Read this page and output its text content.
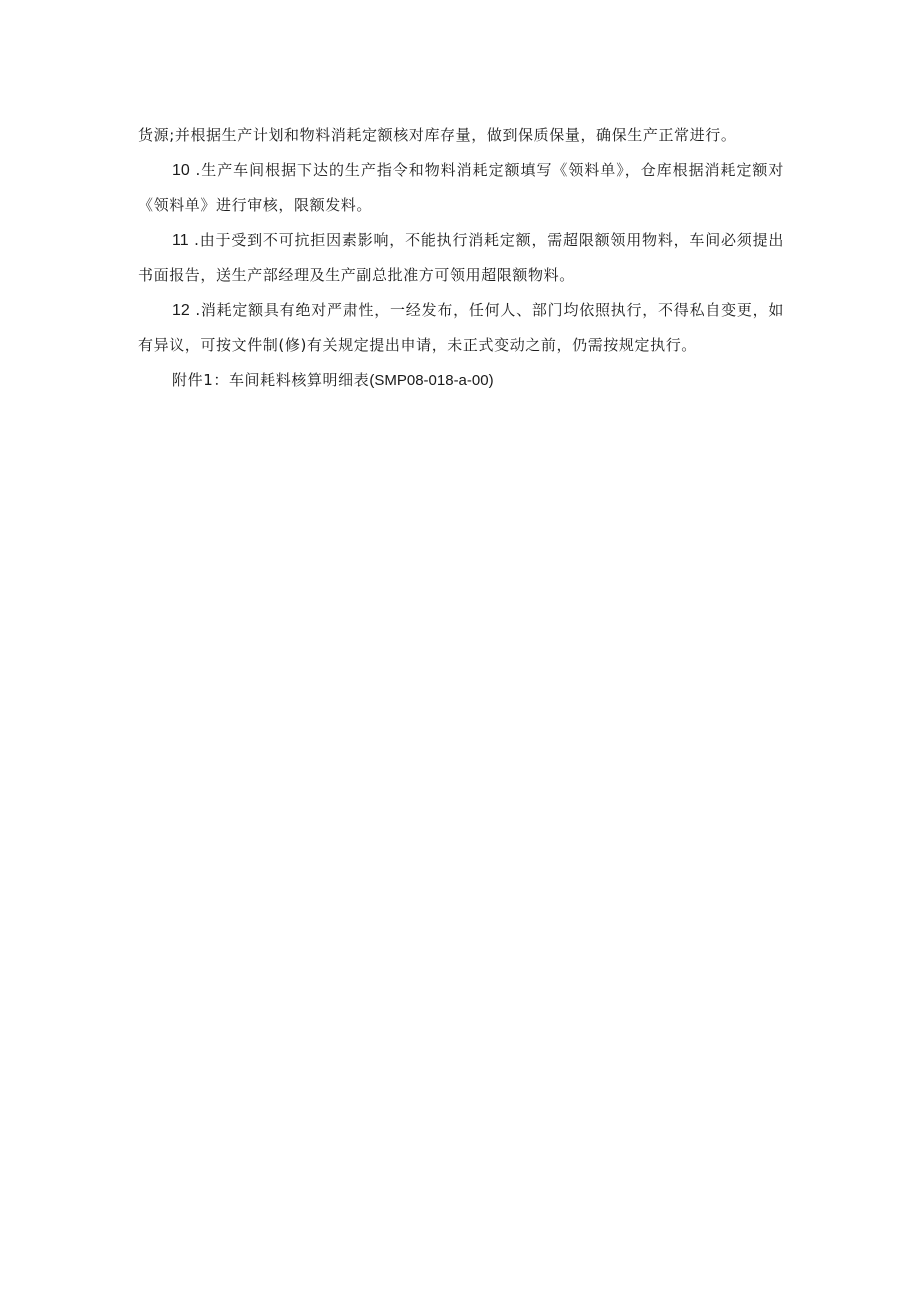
货源;并根据生产计划和物料消耗定额核对库存量，做到保质保量，确保生产正常进行。

10 .生产车间根据下达的生产指令和物料消耗定额填写《领料单》，仓库根据消耗定额对《领料单》进行审核，限额发料。

11 .由于受到不可抗拒因素影响，不能执行消耗定额，需超限额领用物料，车间必须提出书面报告，送生产部经理及生产副总批准方可领用超限额物料。

12 .消耗定额具有绝对严肃性，一经发布，任何人、部门均依照执行，不得私自变更，如有异议，可按文件制(修)有关规定提出申请，未正式变动之前，仍需按规定执行。

附件1：车间耗料核算明细表(SMP08-018-a-00)
